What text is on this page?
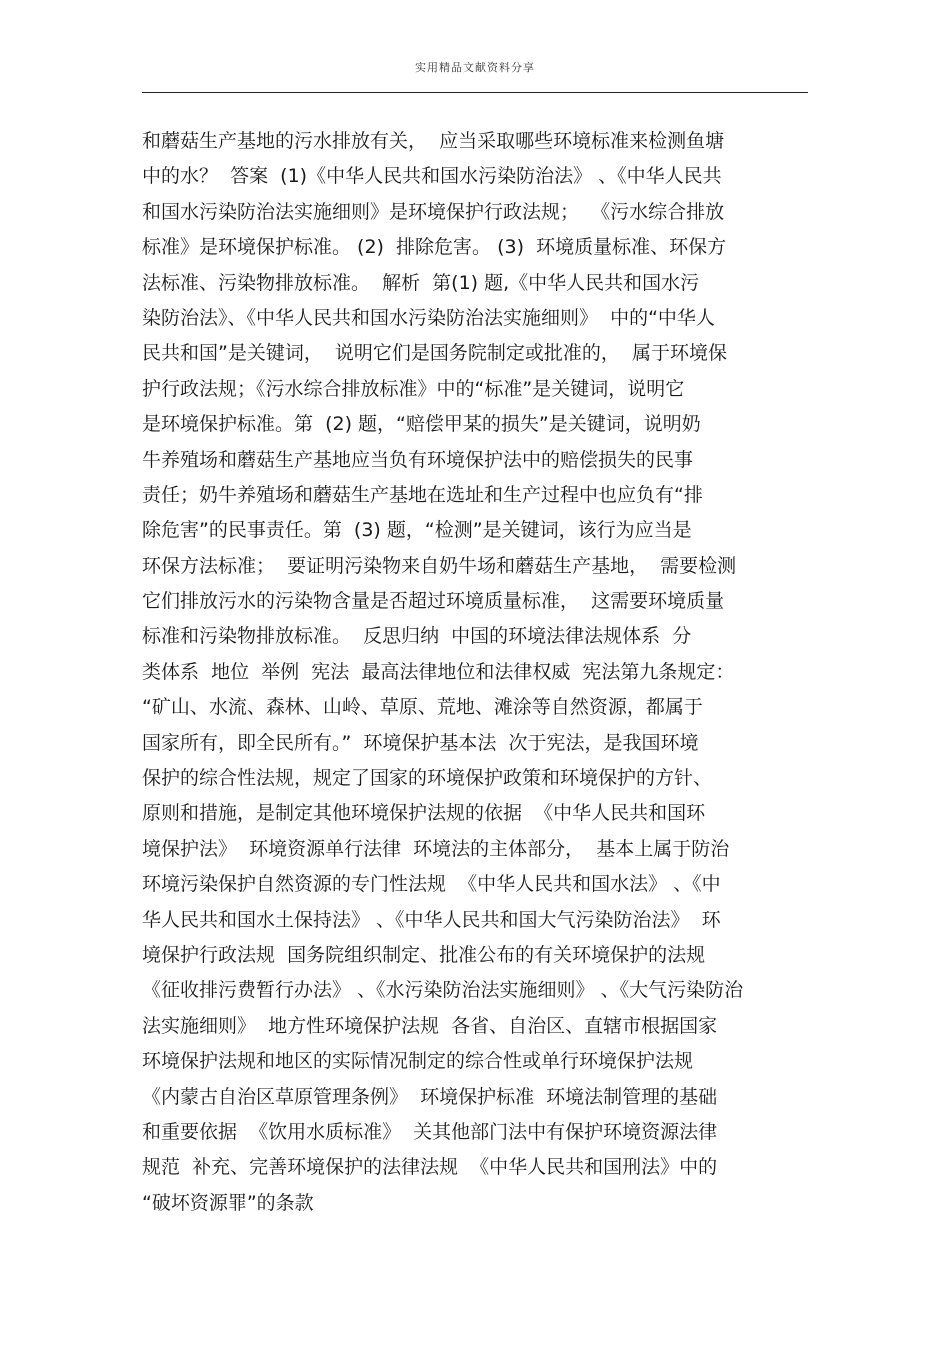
实用精品文献资料分享
和蘑菇生产基地的污水排放有关，  应当采取哪些环境标准来检测鱼塘
中的水？  答案  (1)《中华人民共和国水污染防治法》 、《中华人民共
和国水污染防治法实施细则》是环境保护行政法规；  《污水综合排放
标准》是环境保护标准。 (2)  排除危害。 (3)  环境质量标准、环保方
法标准、污染物排放标准。  解析  第(1) 题,《中华人民共和国水污
染防治法》、《中华人民共和国水污染防治法实施细则》  中的“中华人
民共和国”是关键词，  说明它们是国务院制定或批准的，  属于环境保
护行政法规；《污水综合排放标准》中的“标准”是关键词，说明它
是环境保护标准。第  (2) 题，“赔偿甲某的损失”是关键词，说明奶
牛养殖场和蘑菇生产基地应当负有环境保护法中的赔偿损失的民事
责任；奶牛养殖场和蘑菇生产基地在选址和生产过程中也应负有“排
除危害”的民事责任。第  (3) 题，“检测”是关键词，该行为应当是
环保方法标准；  要证明污染物来自奶牛场和蘑菇生产基地，  需要检测
它们排放污水的污染物含量是否超过环境质量标准，  这需要环境质量
标准和污染物排放标准。  反思归纳  中国的环境法律法规体系  分
类体系  地位  举例  宪法  最高法律地位和法律权威  宪法第九条规定：
“矿山、水流、森林、山岭、草原、荒地、滩涂等自然资源，都属于
国家所有，即全民所有。”  环境保护基本法  次于宪法，是我国环境
保护的综合性法规，规定了国家的环境保护政策和环境保护的方针、
原则和措施，是制定其他环境保护法规的依据  《中华人民共和国环
境保护法》  环境资源单行法律  环境法的主体部分，  基本上属于防治
环境污染保护自然资源的专门性法规  《中华人民共和国水法》 、《中
华人民共和国水土保持法》 、《中华人民共和国大气污染防治法》  环
境保护行政法规  国务院组织制定、批准公布的有关环境保护的法规
《征收排污费暂行办法》 、《水污染防治法实施细则》 、《大气污染防治
法实施细则》  地方性环境保护法规  各省、自治区、直辖市根据国家
环境保护法规和地区的实际情况制定的综合性或单行环境保护法规
《内蒙古自治区草原管理条例》  环境保护标准  环境法制管理的基础
和重要依据  《饮用水质标准》  关其他部门法中有保护环境资源法律
规范  补充、完善环境保护的法律法规  《中华人民共和国刑法》中的
“破坏资源罪”的条款
